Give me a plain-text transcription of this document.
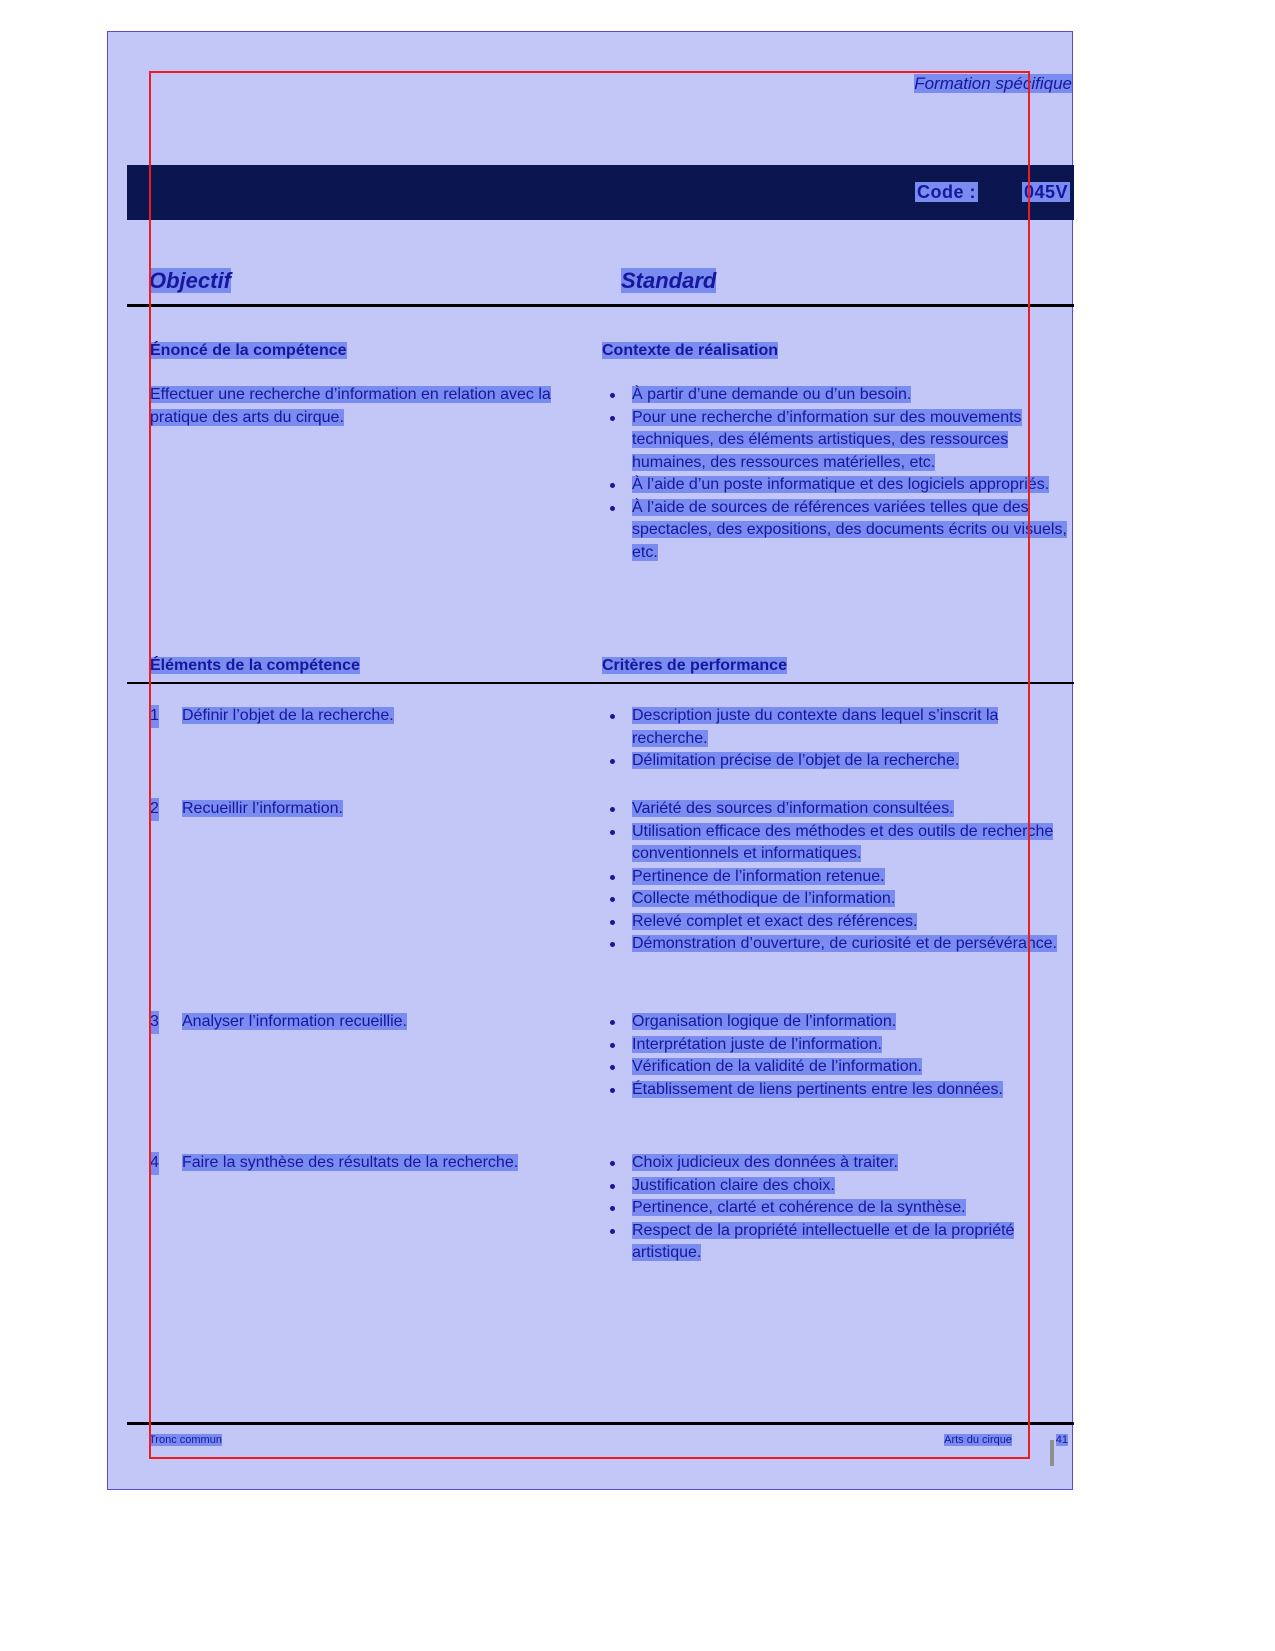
Formation spécifique
Code :	045V
Objectif	Standard
Énoncé de la compétence	Contexte de réalisation
Effectuer une recherche d’information en relation avec la pratique des arts du cirque.
À partir d’une demande ou d’un besoin.
Pour une recherche d’information sur des mouvements techniques, des éléments artistiques, des ressources humaines, des ressources matérielles, etc.
À l’aide d’un poste informatique et des logiciels appropriés.
À l’aide de sources de références variées telles que des spectacles, des expositions, des documents écrits ou visuels, etc.
Éléments de la compétence	Critères de performance
1 Définir l’objet de la recherche.	Description juste du contexte dans lequel s’inscrit la recherche.
Délimitation précise de l’objet de la recherche.
2 Recueillir l’information.	Variété des sources d’information consultées.
Utilisation efficace des méthodes et des outils de recherche conventionnels et informatiques.
Pertinence de l’information retenue.
Collecte méthodique de l’information.
Relevé complet et exact des références.
Démonstration d’ouverture, de curiosité et de persévérance.
3 Analyser l’information recueillie.	Organisation logique de l’information.
Interprétation juste de l’information.
Vérification de la validité de l’information.
Établissement de liens pertinents entre les données.
4 Faire la synthèse des résultats de la recherche.	Choix judicieux des données à traiter.
Justification claire des choix.
Pertinence, clarté et cohérence de la synthèse.
Respect de la propriété intellectuelle et de la propriété artistique.
Tronc commun	Arts du cirque	41
